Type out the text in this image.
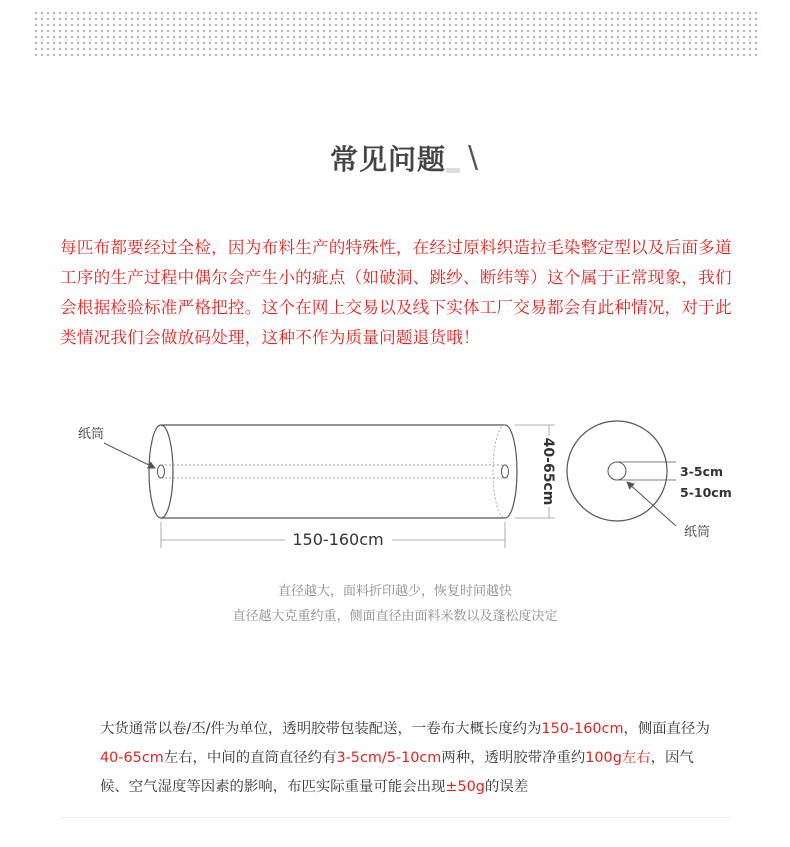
常见问题 \
每匹布都要经过全检，因为布料生产的特殊性，在经过原料织造拉毛染整定型以及后面多道工序的生产过程中偶尔会产生小的疵点（如破洞、跳纱、断纬等）这个属于正常现象，我们会根据检验标准严格把控。这个在网上交易以及线下实体工厂交易都会有此种情况，对于此类情况我们会做放码处理，这种不作为质量问题退货哦！
纸筒
150-160cm
40-65cm	3-5cm
5-10cm
纸筒
直径越大，面料折印越少，恢复时间越快
直径越大克重约重，侧面直径由面料米数以及蓬松度决定
大货通常以卷/丕/件为单位，透明胶带包装配送，一卷布大概长度约为150-160cm，侧面直径为40-65cm左右，中间的直筒直径约有3-5cm/5-10cm两种，透明胶带净重约100g左右，因气候、空气湿度等因素的影响，布匹实际重量可能会出现±50g的误差
